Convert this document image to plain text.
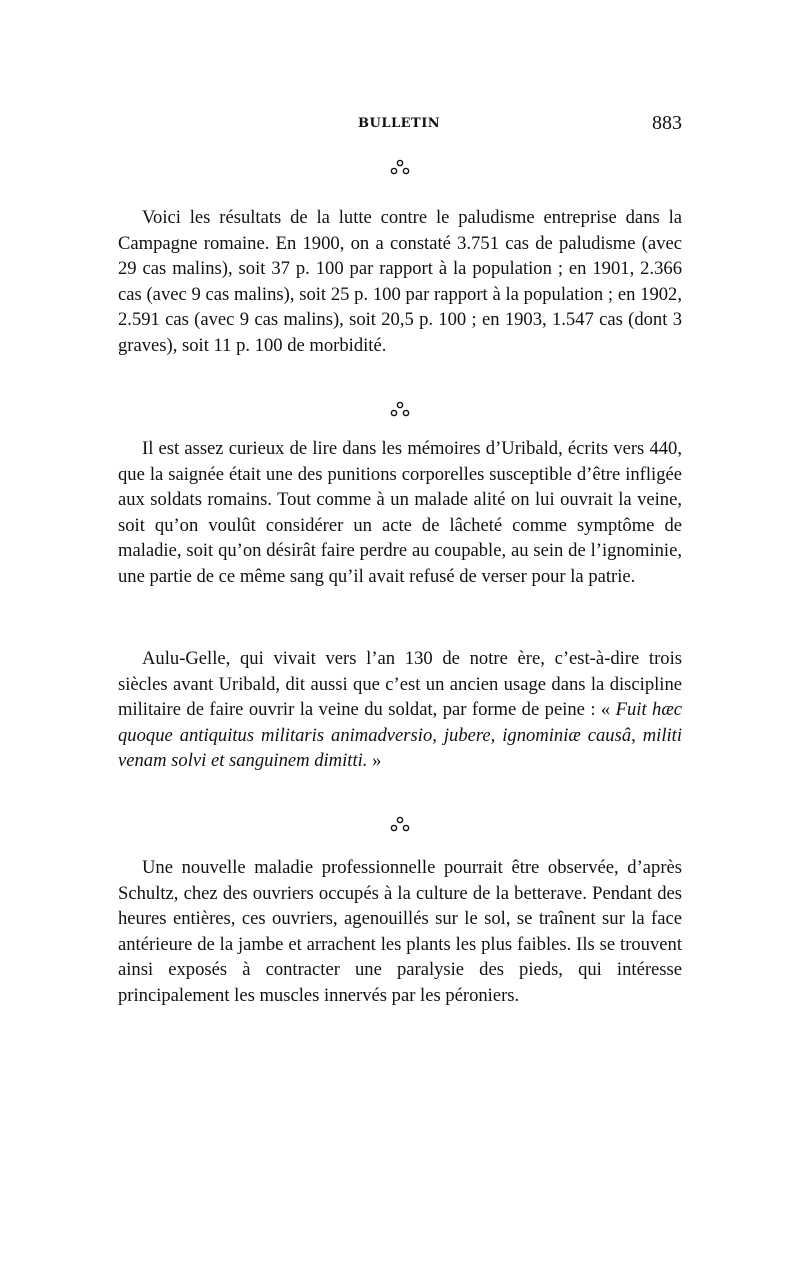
BULLETIN	883
Voici les résultats de la lutte contre le paludisme entreprise dans la Campagne romaine. En 1900, on a constaté 3.751 cas de paludisme (avec 29 cas malins), soit 37 p. 100 par rapport à la population ; en 1901, 2.366 cas (avec 9 cas malins), soit 25 p. 100 par rapport à la population ; en 1902, 2.591 cas (avec 9 cas malins), soit 20,5 p. 100 ; en 1903, 1.547 cas (dont 3 graves), soit 11 p. 100 de morbidité.
Il est assez curieux de lire dans les mémoires d’Uribald, écrits vers 440, que la saignée était une des punitions corporelles susceptible d’être infligée aux soldats romains. Tout comme à un malade alité on lui ouvrait la veine, soit qu’on voulût considérer un acte de lâcheté comme symptôme de maladie, soit qu’on désirât faire perdre au coupable, au sein de l’ignominie, une partie de ce même sang qu’il avait refusé de verser pour la patrie.
Aulu-Gelle, qui vivait vers l’an 130 de notre ère, c’est-à-dire trois siècles avant Uribald, dit aussi que c’est un ancien usage dans la discipline militaire de faire ouvrir la veine du soldat, par forme de peine : « Fuit hæc quoque antiquitus militaris animadversio, jubere, ignominiæ causâ, militi venam solvi et sanguinem dimitti. »
Une nouvelle maladie professionnelle pourrait être observée, d’après Schultz, chez des ouvriers occupés à la culture de la betterave. Pendant des heures entières, ces ouvriers, agenouillés sur le sol, se traînent sur la face antérieure de la jambe et arrachent les plants les plus faibles. Ils se trouvent ainsi exposés à contracter une paralysie des pieds, qui intéresse principalement les muscles innervés par les péroniers.
